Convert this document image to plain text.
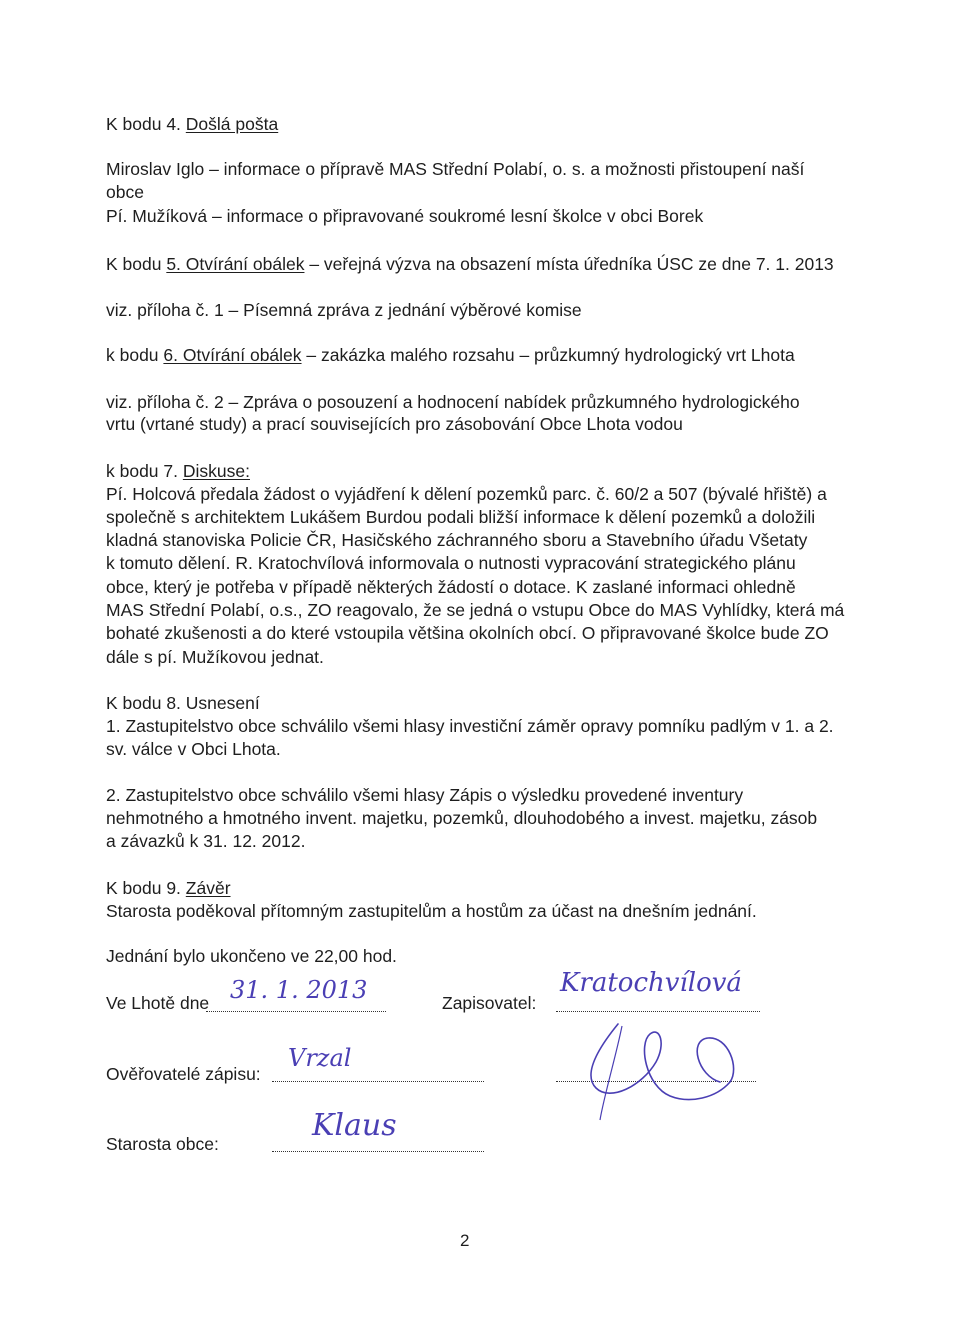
K bodu 4. Došlá pošta
Miroslav Iglo – informace o přípravě MAS Střední Polabí, o. s. a možnosti přistoupení naší
obce
Pí. Mužíková – informace o připravované soukromé lesní školce v obci Borek
K bodu 5. Otvírání obálek – veřejná výzva na obsazení místa úředníka ÚSC ze dne 7. 1. 2013
viz. příloha č. 1 – Písemná zpráva z jednání výběrové komise
k bodu 6. Otvírání obálek – zakázka malého rozsahu – průzkumný hydrologický vrt Lhota
viz. příloha č. 2 – Zpráva o posouzení a hodnocení nabídek průzkumného hydrologického
vrtu (vrtané study) a prací souvisejících pro zásobování Obce Lhota vodou
k bodu 7. Diskuse:
Pí. Holcová předala žádost o vyjádření k dělení pozemků parc. č. 60/2 a 507 (bývalé hřiště) a
společně s architektem Lukášem Burdou podali bližší informace k dělení pozemků a doložili
kladná stanoviska Policie ČR, Hasičského záchranného sboru a Stavebního úřadu Všetaty
k tomuto dělení. R. Kratochvílová informovala o nutnosti vypracování strategického plánu
obce, který je potřeba v případě některých žádostí o dotace. K zaslané informaci ohledně
MAS Střední Polabí, o.s., ZO reagovalo, že se jedná o vstupu Obce do MAS Vyhlídky, která má
bohaté zkušenosti a do které vstoupila většina okolních obcí. O připravované školce bude ZO
dále s pí. Mužíkovou jednat.
K bodu 8. Usnesení
1. Zastupitelstvo obce schválilo všemi hlasy investiční záměr opravy pomníku padlým v 1. a 2.
sv. válce v Obci Lhota.
2. Zastupitelstvo obce schválilo všemi hlasy Zápis o výsledku provedené inventury
nehmotného a hmotného invent. majetku, pozemků, dlouhodobého a invest. majetku, zásob
a závazků k 31. 12. 2012.
K bodu 9. Závěr
Starosta poděkoval přítomným zastupitelům a hostům za účast na dnešním jednání.
Jednání bylo ukončeno ve 22,00 hod.
Ve Lhotě dne 31. 1. 2013	Zapisovatel:
Kratochvílová
Ověřovatelé zápisu:
Vrzal
Starosta obce:
Klaus
2
